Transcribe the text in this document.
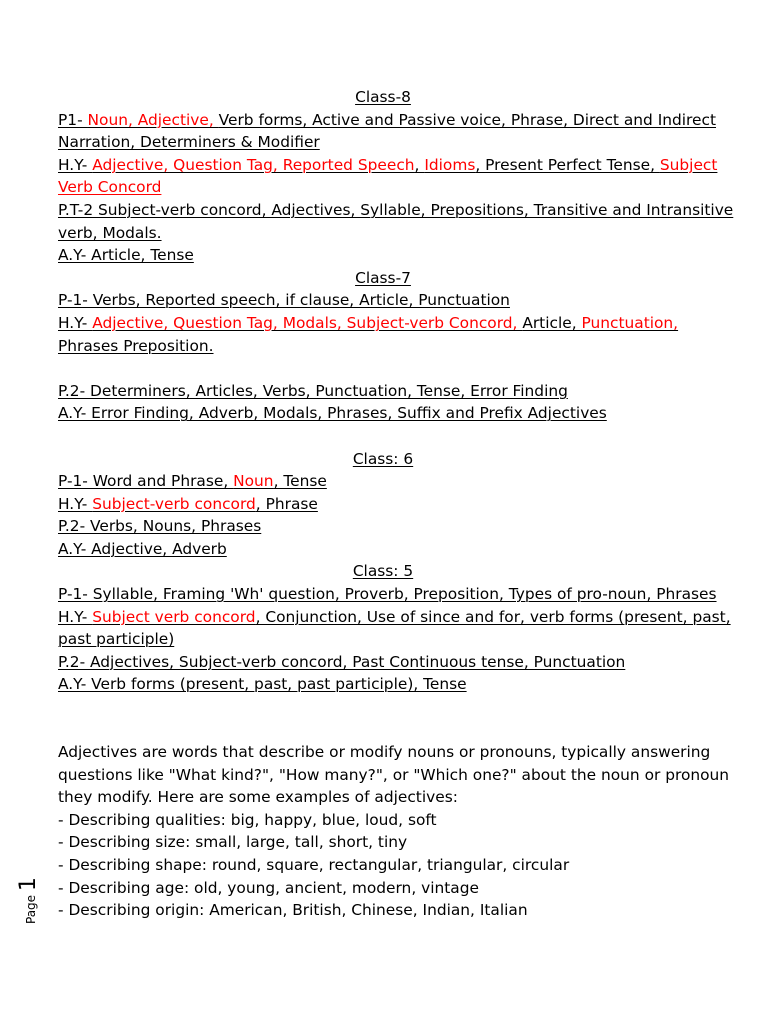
Class-8
P1- Noun, Adjective, Verb forms, Active and Passive voice, Phrase, Direct and Indirect
Narration, Determiners & Modifier
H.Y- Adjective, Question Tag, Reported Speech, Idioms, Present Perfect Tense, Subject
Verb Concord
P.T-2 Subject-verb concord, Adjectives, Syllable, Prepositions, Transitive and Intransitive
verb, Modals.
A.Y- Article, Tense
Class-7
P-1- Verbs, Reported speech, if clause, Article, Punctuation
H.Y- Adjective, Question Tag, Modals, Subject-verb Concord, Article, Punctuation,
Phrases Preposition.
P.2- Determiners, Articles, Verbs, Punctuation, Tense, Error Finding
A.Y- Error Finding, Adverb, Modals, Phrases, Suffix and Prefix Adjectives
Class: 6
P-1- Word and Phrase, Noun, Tense
H.Y- Subject-verb concord, Phrase
P.2- Verbs, Nouns, Phrases
A.Y- Adjective, Adverb
Class: 5
P-1- Syllable, Framing 'Wh' question, Proverb, Preposition, Types of pro-noun, Phrases
H.Y- Subject verb concord, Conjunction, Use of since and for, verb forms (present, past,
past participle)
P.2- Adjectives, Subject-verb concord, Past Continuous tense, Punctuation
A.Y- Verb forms (present, past, past participle), Tense
Adjectives are words that describe or modify nouns or pronouns, typically answering
questions like "What kind?", "How many?", or "Which one?" about the noun or pronoun
they modify. Here are some examples of adjectives:
- Describing qualities: big, happy, blue, loud, soft
- Describing size: small, large, tall, short, tiny
- Describing shape: round, square, rectangular, triangular, circular
- Describing age: old, young, ancient, modern, vintage
- Describing origin: American, British, Chinese, Indian, Italian
Page 1
